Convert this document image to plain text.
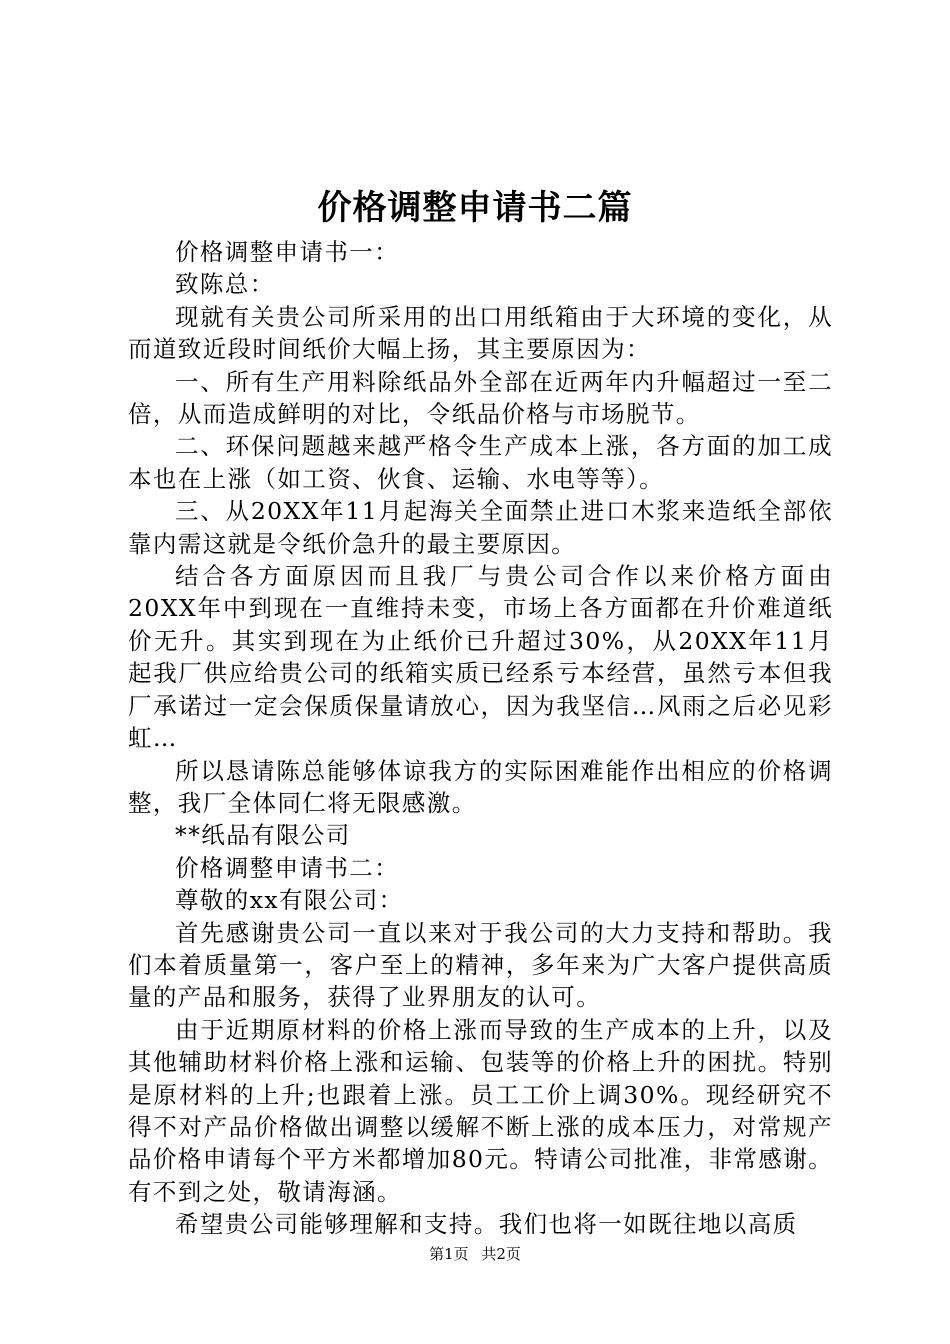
价格调整申请书二篇

价格调整申请书一：

致陈总：

现就有关贵公司所采用的出口用纸箱由于大环境的变化，从而道致近段时间纸价大幅上扬，其主要原因为：

一、所有生产用料除纸品外全部在近两年内升幅超过一至二倍，从而造成鲜明的对比，令纸品价格与市场脱节。

二、环保问题越来越严格令生产成本上涨，各方面的加工成本也在上涨（如工资、伙食、运输、水电等等）。

三、从20XX年11月起海关全面禁止进口木浆来造纸全部依靠内需这就是令纸价急升的最主要原因。

结合各方面原因而且我厂与贵公司合作以来价格方面由20XX年中到现在一直维持未变，市场上各方面都在升价难道纸价无升。其实到现在为止纸价已升超过30%，从20XX年11月起我厂供应给贵公司的纸箱实质已经系亏本经营，虽然亏本但我厂承诺过一定会保质保量请放心，因为我坚信…风雨之后必见彩虹…

所以恳请陈总能够体谅我方的实际困难能作出相应的价格调整，我厂全体同仁将无限感激。

**纸品有限公司

价格调整申请书二：

尊敬的xx有限公司：

首先感谢贵公司一直以来对于我公司的大力支持和帮助。我们本着质量第一，客户至上的精神，多年来为广大客户提供高质量的产品和服务，获得了业界朋友的认可。

由于近期原材料的价格上涨而导致的生产成本的上升，以及其他辅助材料价格上涨和运输、包装等的价格上升的困扰。特别是原材料的上升;也跟着上涨。员工工价上调30%。现经研究不得不对产品价格做出调整以缓解不断上涨的成本压力，对常规产品价格申请每个平方米都增加80元。特请公司批准，非常感谢。有不到之处，敬请海涵。

希望贵公司能够理解和支持。我们也将一如既往地以高质

第1页 共2页
